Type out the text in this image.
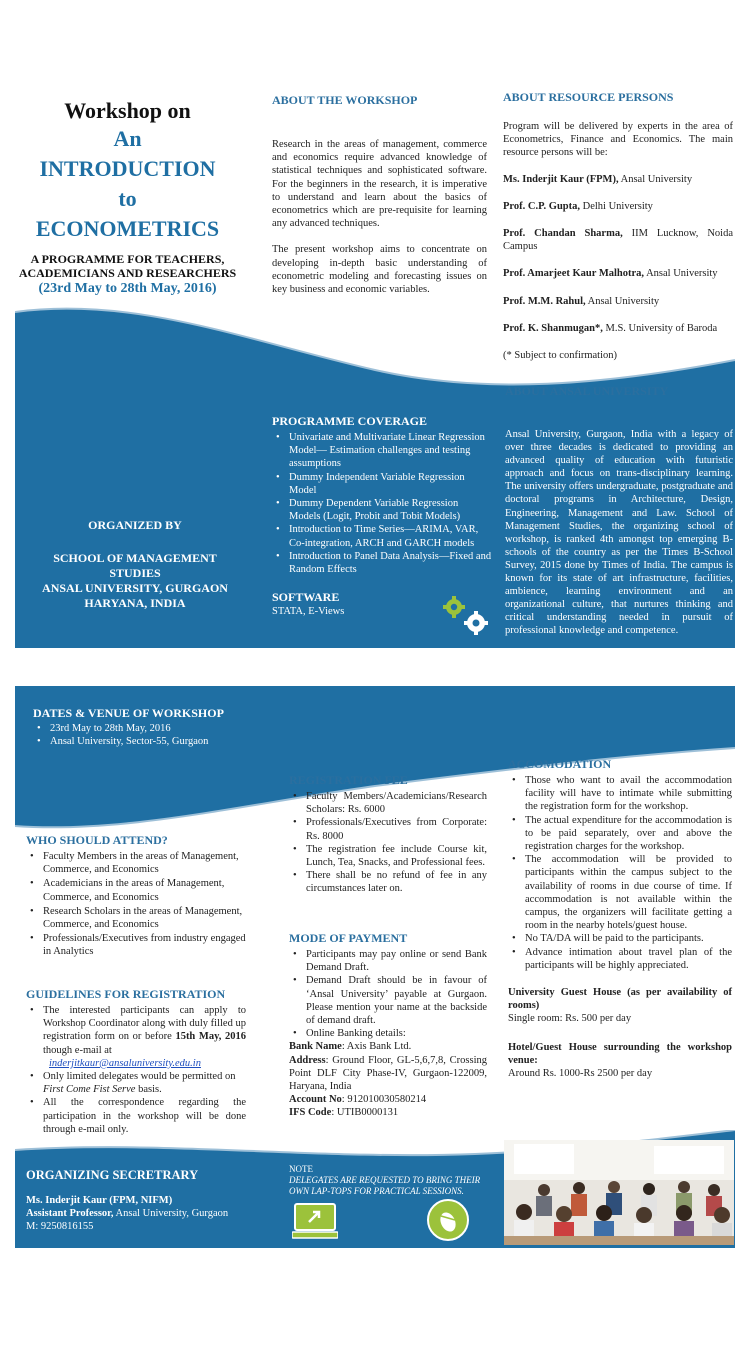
Workshop on
An
INTRODUCTION
to
ECONOMETRICS
A PROGRAMME FOR TEACHERS,
ACADEMICIANS AND RESEARCHERS
(23rd May to 28th May, 2016)
ABOUT THE WORKSHOP

Research in the areas of management, commerce and economics require advanced knowledge of statistical techniques and sophisticated software. For the beginners in the research, it is imperative to understand and learn about the basics of econometrics which are pre-requisite for learning any advanced techniques.

The present workshop aims to concentrate on developing in-depth basic understanding of econometric modeling and forecasting issues on key business and economic variables.

ABOUT RESOURCE PERSONS

Program will be delivered by experts in the area of Econometrics, Finance and Economics. The main resource persons will be:

Ms. Inderjit Kaur (FPM), Ansal University

Prof. C.P. Gupta, Delhi University

Prof. Chandan Sharma, IIM Lucknow, Noida Campus

Prof. Amarjeet Kaur Malhotra, Ansal University

Prof. M.M. Rahul, Ansal University

Prof. K. Shanmugan*, M.S. University of Baroda

(* Subject to confirmation)

ABOUT ANSAL UNIVERSITY

Ansal University, Gurgaon, India with a legacy of over three decades is dedicated to providing an advanced quality of education with futuristic approach and focus on trans-disciplinary learning. The university offers undergraduate, postgraduate and doctoral programs in Architecture, Design, Engineering, Management and Law. School of Management Studies, the organizing school of workshop, is ranked 4th amongst top emerging B-schools of the country as per the Times B-School Survey, 2015 done by Times of India. The campus is known for its state of art infrastructure, facilities, ambience, learning environment and an organizational culture, that nurtures thinking and critical understanding needed in pursuit of professional knowledge and competence.

ORGANIZED BY
SCHOOL OF MANAGEMENT
STUDIES
ANSAL UNIVERSITY, GURGAON
HARYANA, INDIA
PROGRAMME COVERAGE
• Univariate and Multivariate Linear Regression Model— Estimation challenges and testing assumptions
• Dummy Independent Variable Regression Model
• Dummy Dependent Variable Regression Models (Logit, Probit and Tobit Models)
• Introduction to Time Series—ARIMA, VAR, Co-integration, ARCH and GARCH models
• Introduction to Panel Data Analysis—Fixed and Random Effects
SOFTWARE
STATA, E-Views
DATES & VENUE OF WORKSHOP
• 23rd May to 28th May, 2016
• Ansal University, Sector-55, Gurgaon
WHO SHOULD ATTEND?
• Faculty Members in the areas of Management, Commerce, and Economics
• Academicians in the areas of Management, Commerce, and Economics
• Research Scholars in the areas of Management, Commerce, and Economics
• Professionals/Executives from industry engaged in Analytics
GUIDELINES FOR REGISTRATION
• The interested participants can apply to Workshop Coordinator along with duly filled up registration form on or before 15th May, 2016 though e-mail at
inderjitkaur@ansaluniversity.edu.in
• Only limited delegates would be permitted on First Come Fist Serve basis.
• All the correspondence regarding the participation in the workshop will be done through e-mail only.
REGISTRATION FEE
• Faculty Members/Academicians/Research Scholars: Rs. 6000
• Professionals/Executives from Corporate: Rs. 8000
• The registration fee include Course kit, Lunch, Tea, Snacks, and Professional fees.
• There shall be no refund of fee in any circumstances later on.
MODE OF PAYMENT
• Participants may pay online or send Bank Demand Draft.
• Demand Draft should be in favour of ‘Ansal University’ payable at Gurgaon. Please mention your name at the backside of demand draft.
• Online Banking details:
Bank Name: Axis Bank Ltd.
Address: Ground Floor, GL-5,6,7,8, Crossing Point DLF City Phase-IV, Gurgaon-122009, Haryana, India
Account No: 912010030580214
IFS Code: UTIB0000131
ACCOMODATION
• Those who want to avail the accommodation facility will have to intimate while submitting the registration form for the workshop.
• The actual expenditure for the accommodation is to be paid separately, over and above the registration charges for the workshop.
• The accommodation will be provided to participants within the campus subject to the availability of rooms in due course of time. If accommodation is not available within the campus, the organizers will facilitate getting a room in the nearby hotels/guest house.
• No TA/DA will be paid to the participants.
• Advance intimation about travel plan of the participants will be highly appreciated.
University Guest House (as per availability of rooms)
Single room: Rs. 500 per day
Hotel/Guest House surrounding the workshop venue:
Around Rs. 1000-Rs 2500 per day
ORGANIZING SECRETRARY
Ms. Inderjit Kaur (FPM, NIFM)
Assistant Professor, Ansal University, Gurgaon
M: 9250816155
NOTE
DELEGATES ARE REQUESTED TO BRING THEIR OWN LAP-TOPS FOR PRACTICAL SESSIONS.
